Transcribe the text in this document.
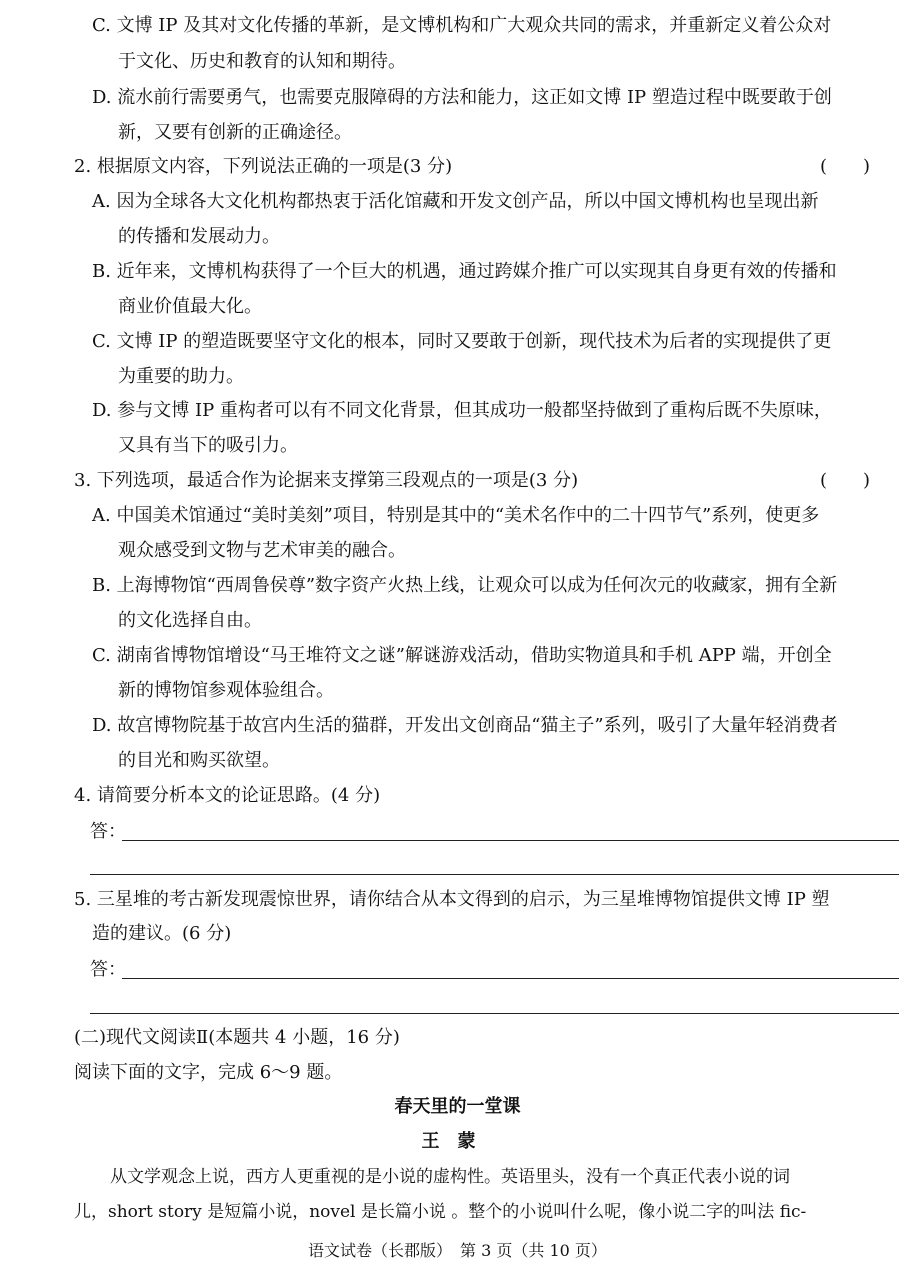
C. 文博 IP 及其对文化传播的革新，是文博机构和广大观众共同的需求，并重新定义着公众对
于文化、历史和教育的认知和期待。
D. 流水前行需要勇气，也需要克服障碍的方法和能力，这正如文博 IP 塑造过程中既要敢于创
新，又要有创新的正确途径。
2. 根据原文内容，下列说法正确的一项是(3 分)	(　　)
A. 因为全球各大文化机构都热衷于活化馆藏和开发文创产品，所以中国文博机构也呈现出新
的传播和发展动力。
B. 近年来，文博机构获得了一个巨大的机遇，通过跨媒介推广可以实现其自身更有效的传播和
商业价值最大化。
C. 文博 IP 的塑造既要坚守文化的根本，同时又要敢于创新，现代技术为后者的实现提供了更
为重要的助力。
D. 参与文博 IP 重构者可以有不同文化背景，但其成功一般都坚持做到了重构后既不失原味，
又具有当下的吸引力。
3. 下列选项，最适合作为论据来支撑第三段观点的一项是(3 分)	(　　)
A. 中国美术馆通过“美时美刻”项目，特别是其中的“美术名作中的二十四节气”系列，使更多
观众感受到文物与艺术审美的融合。
B. 上海博物馆“西周鲁侯尊”数字资产火热上线，让观众可以成为任何次元的收藏家，拥有全新
的文化选择自由。
C. 湖南省博物馆增设“马王堆符文之谜”解谜游戏活动，借助实物道具和手机 APP 端，开创全
新的博物馆参观体验组合。
D. 故宫博物院基于故宫内生活的猫群，开发出文创商品“猫主子”系列，吸引了大量年轻消费者
的目光和购买欲望。
4. 请简要分析本文的论证思路。(4 分)
答：
5. 三星堆的考古新发现震惊世界，请你结合从本文得到的启示，为三星堆博物馆提供文博 IP 塑
造的建议。(6 分)
答：
(二)现代文阅读Ⅱ(本题共 4 小题，16 分)
阅读下面的文字，完成 6～9 题。
春天里的一堂课
王蒙
从文学观念上说，西方人更重视的是小说的虚构性。英语里头，没有一个真正代表小说的词
儿，short story 是短篇小说，novel 是长篇小说 。整个的小说叫什么呢，像小说二字的叫法 fic-
语文试卷（长郡版）　第 3 页（共 10 页）
